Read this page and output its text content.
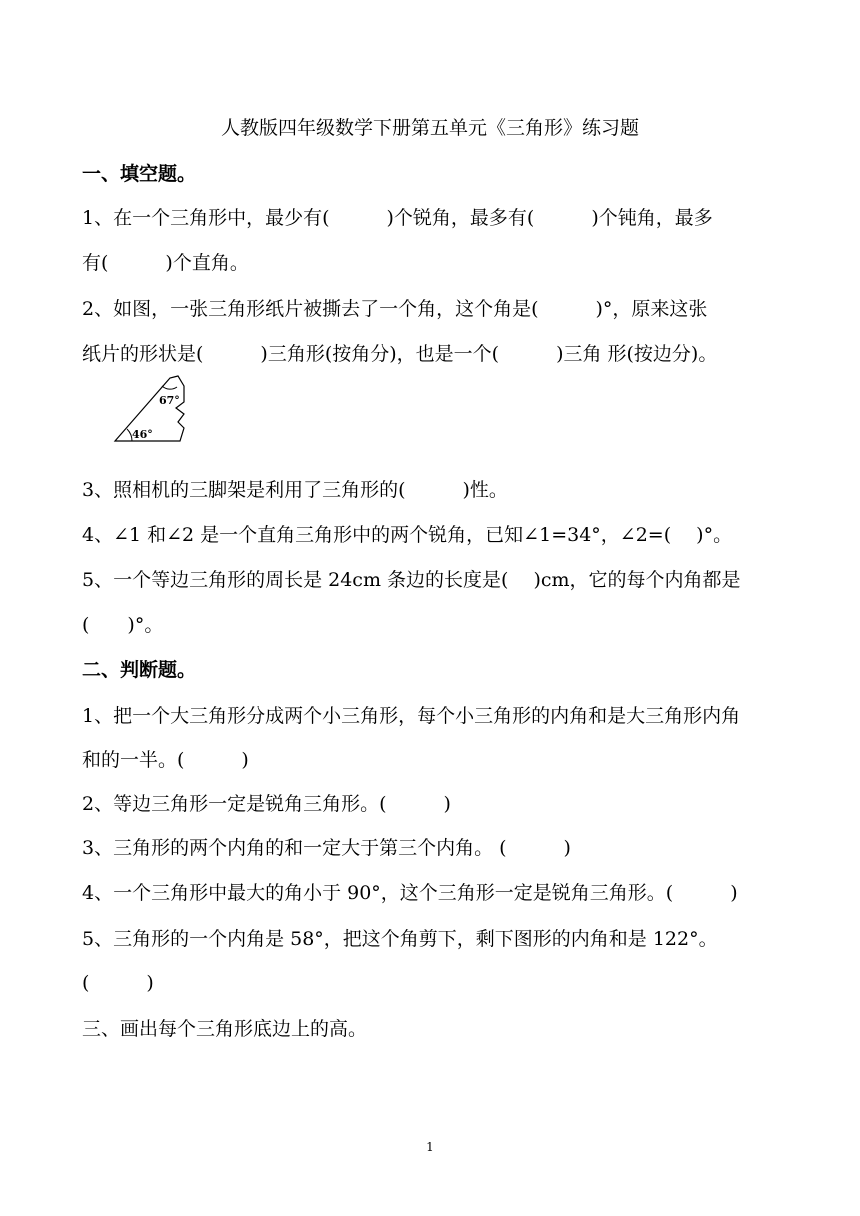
人教版四年级数学下册第五单元《三角形》练习题
一、填空题。
1、在一个三角形中，最少有(　　　)个锐角，最多有(　　　)个钝角，最多
有(　　　)个直角。
2、如图，一张三角形纸片被撕去了一个角，这个角是(　　　)°，原来这张
纸片的形状是(　　　)三角形(按角分)，也是一个(　　　)三角 形(按边分)。
67°
46°
3、照相机的三脚架是利用了三角形的(　　　)性。
4、∠1 和∠2 是一个直角三角形中的两个锐角，已知∠1=34°，∠2=(　 )°。
5、一个等边三角形的周长是 24cm 条边的长度是(　 )cm，它的每个内角都是
(　　)°。
二、判断题。
1、把一个大三角形分成两个小三角形，每个小三角形的内角和是大三角形内角
和的一半。(　　　)
2、等边三角形一定是锐角三角形。(　　　)
3、三角形的两个内角的和一定大于第三个内角。 (　　　)
4、一个三角形中最大的角小于 90°，这个三角形一定是锐角三角形。(　　　)
5、三角形的一个内角是 58°，把这个角剪下，剩下图形的内角和是 122°。
(　　　)
三、画出每个三角形底边上的高。
1
